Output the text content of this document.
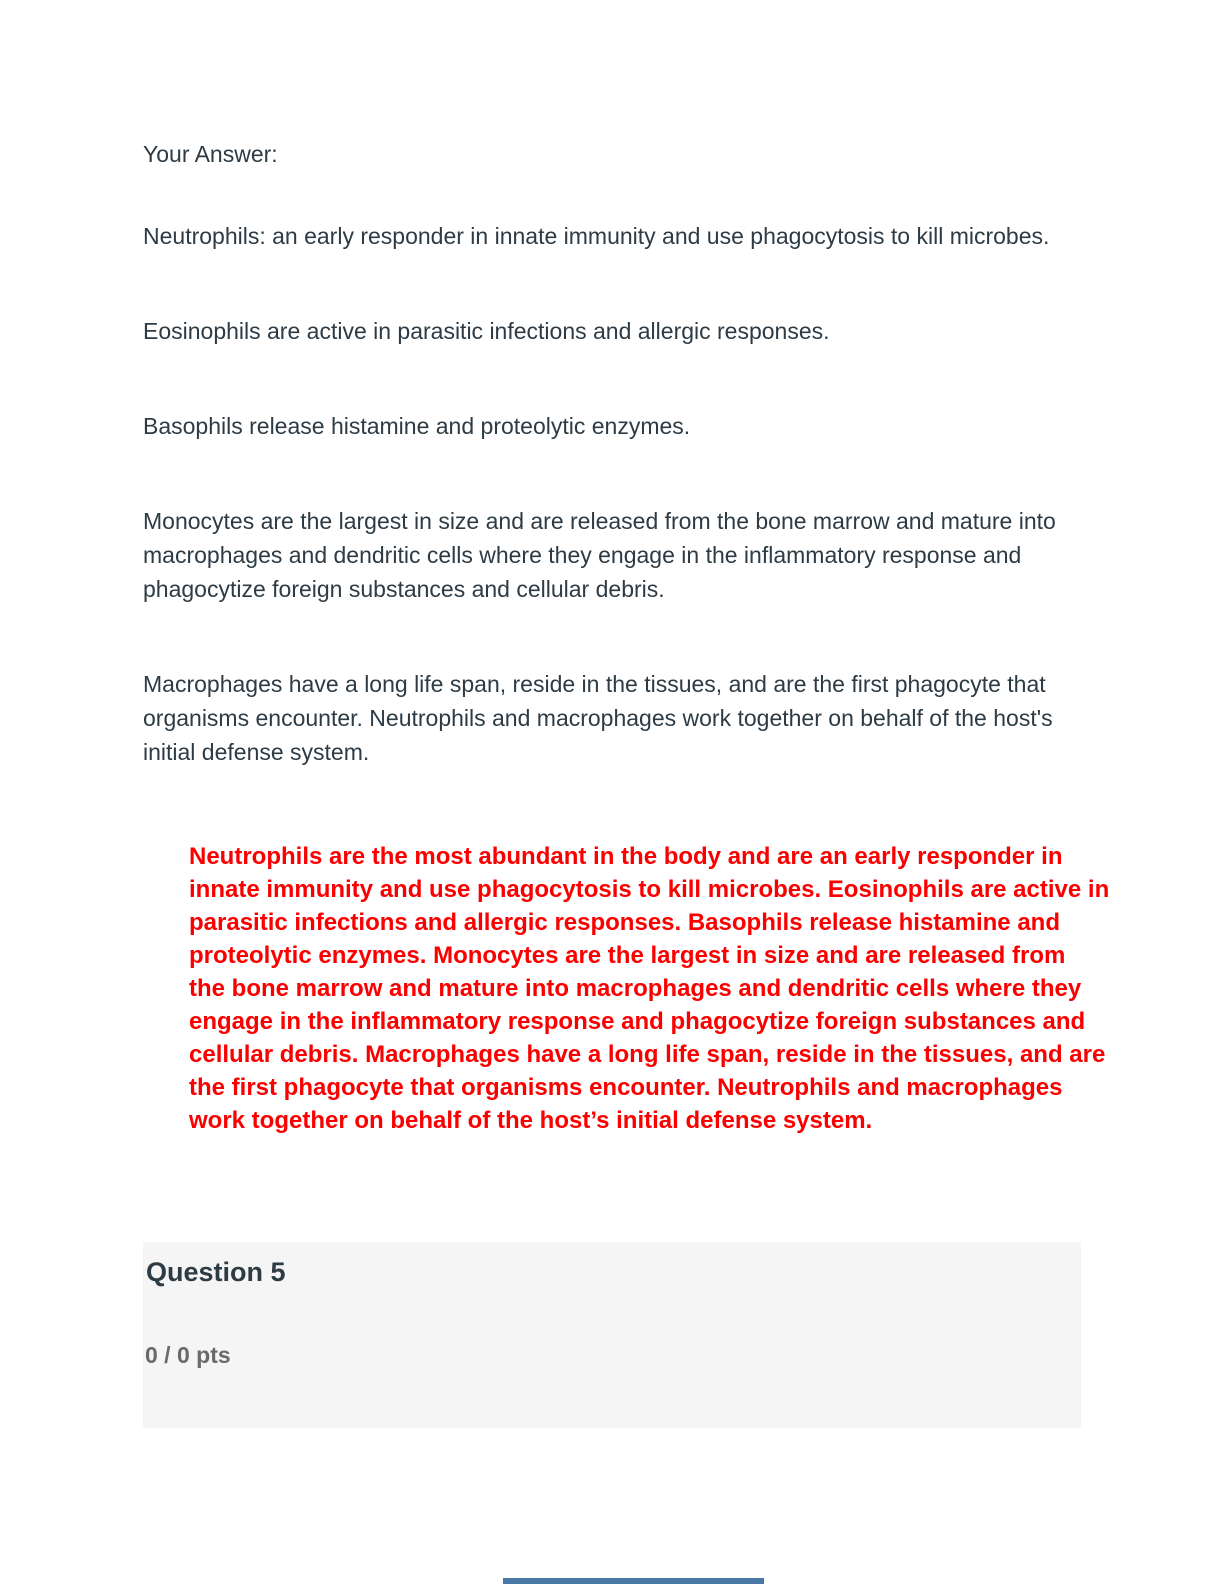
Your Answer:
Neutrophils: an early responder in innate immunity and use phagocytosis to kill microbes.
Eosinophils are active in parasitic infections and allergic responses.
Basophils release histamine and proteolytic enzymes.
Monocytes are the largest in size and are released from the bone marrow and mature into
macrophages and dendritic cells where they engage in the inflammatory response and
phagocytize foreign substances and cellular debris.
Macrophages have a long life span, reside in the tissues, and are the first phagocyte that
organisms encounter. Neutrophils and macrophages work together on behalf of the host's
initial defense system.
Neutrophils are the most abundant in the body and are an early responder in
innate immunity and use phagocytosis to kill microbes. Eosinophils are active in
parasitic infections and allergic responses. Basophils release histamine and
proteolytic enzymes. Monocytes are the largest in size and are released from
the bone marrow and mature into macrophages and dendritic cells where they
engage in the inflammatory response and phagocytize foreign substances and
cellular debris. Macrophages have a long life span, reside in the tissues, and are
the first phagocyte that organisms encounter. Neutrophils and macrophages
work together on behalf of the host’s initial defense system.
Question 5
0 / 0 pts
